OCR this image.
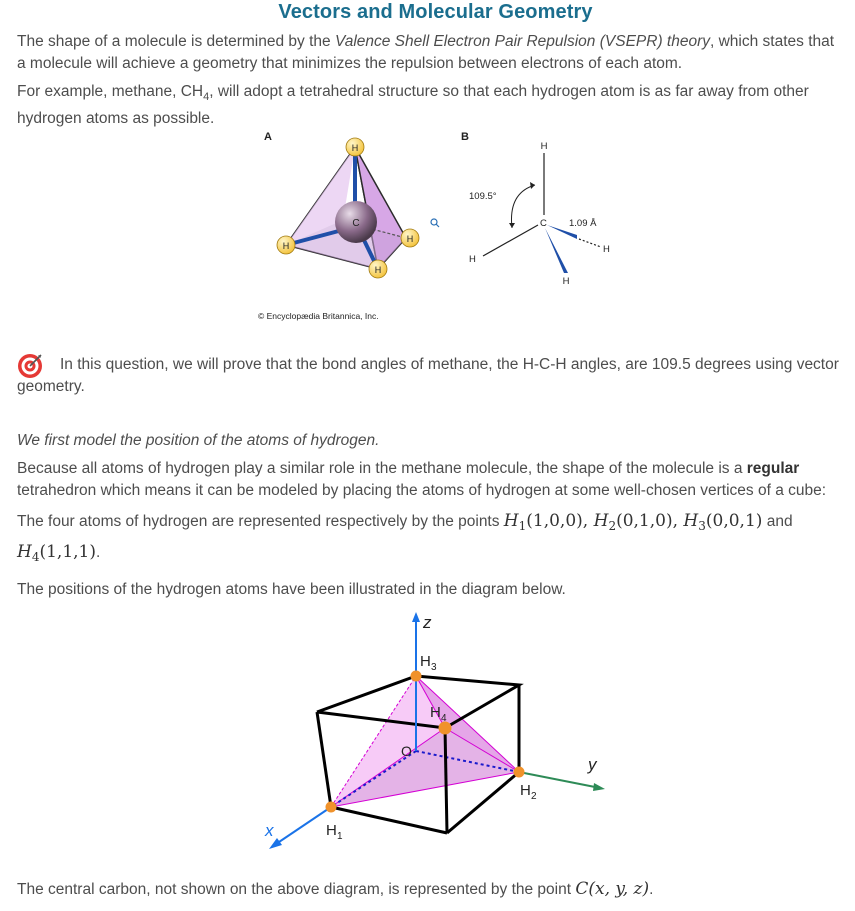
Vectors and Molecular Geometry

The shape of a molecule is determined by the Valence Shell Electron Pair Repulsion (VSEPR) theory, which states that a molecule will achieve a geometry that minimizes the repulsion between electrons of each atom.

For example, methane, $CH_4$, will adopt a tetrahedral structure so that each hydrogen atom is as far away from other hydrogen atoms as possible.

A
C
H
H
H
H
© Encyclopædia Britannica, Inc.
B
H
C
H
H
H
109.5°
1.09 Å

In this question, we will prove that the bond angles of methane, the H-C-H angles, are 109.5 degrees using vector geometry.

We first model the position of the atoms of hydrogen.

Because all atoms of hydrogen play a similar role in the methane molecule, the shape of the molecule is a regular tetrahedron which means it can be modeled by placing the atoms of hydrogen at some well-chosen vertices of a cube:

The four atoms of hydrogen are represented respectively by the points $H_1(1,0,0)$, $H_2(0,1,0)$, $H_3(0,0,1)$ and $H_4(1,1,1)$.

The positions of the hydrogen atoms have been illustrated in the diagram below.

z
y
x
O
H 1
H 2
H 3
H 4

The central carbon, not shown on the above diagram, is represented by the point C(x, y, z).
